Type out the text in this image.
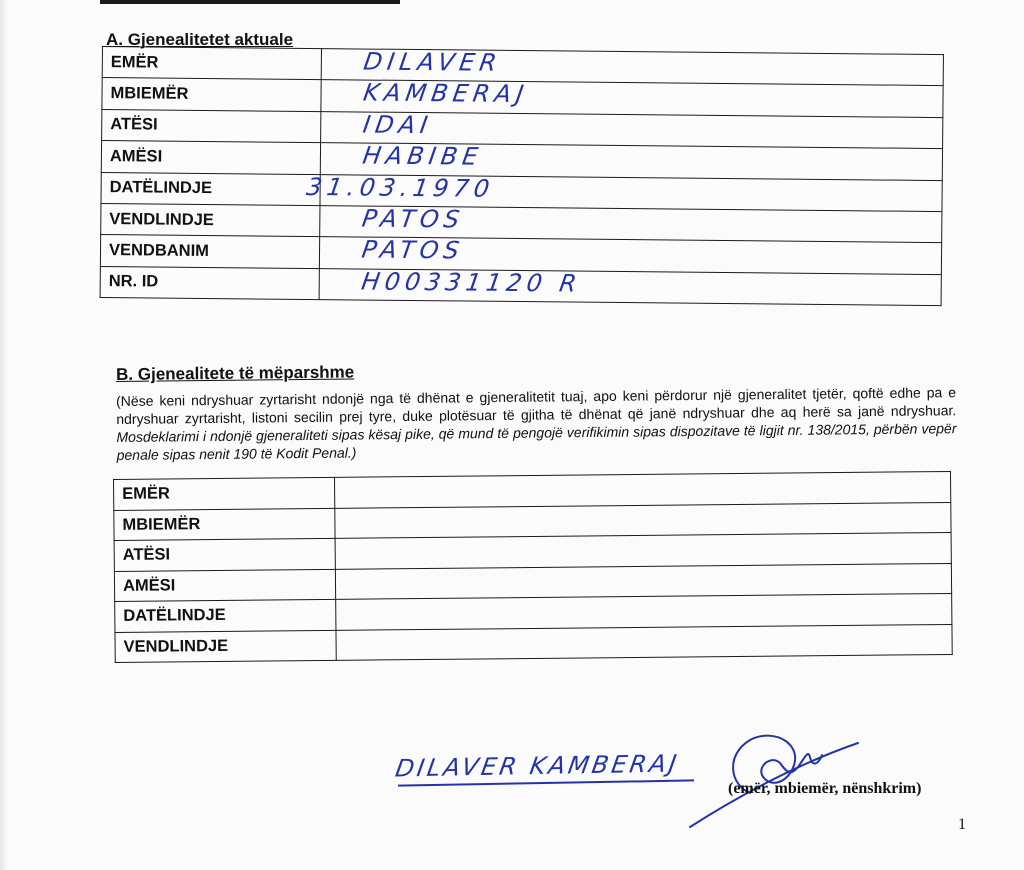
A. Gjenealitetet aktuale
EMËR	DILAVER

MBIEMËR	KAMBERAJ

ATËSI	IDAI

AMËSI	HABIBE

DATËLINDJE	31.03.1970

VENDLINDJE	PATOS

VENDBANIM	PATOS

NR. ID	H00331120 R
B. Gjenealitete të mëparshme
(Nëse keni ndryshuar zyrtarisht ndonjë nga të dhënat e gjeneralitetit tuaj, apo keni përdorur një gjeneralitet tjetër, qoftë edhe pa e ndryshuar zyrtarisht, listoni secilin prej tyre, duke plotësuar të gjitha të dhënat që janë ndryshuar dhe aq herë sa janë ndryshuar. Mosdeklarimi i ndonjë gjeneraliteti sipas kësaj pike, që mund të pengojë verifikimin sipas dispozitave të ligjit nr. 138/2015, përbën vepër penale sipas nenit 190 të Kodit Penal.)
EMËR	
MBIEMËR	
ATËSI	
AMËSI	
DATËLINDJE	
VENDLINDJE	
DILAVER KAMBERAJ
(emër, mbiemër, nënshkrim)
1
